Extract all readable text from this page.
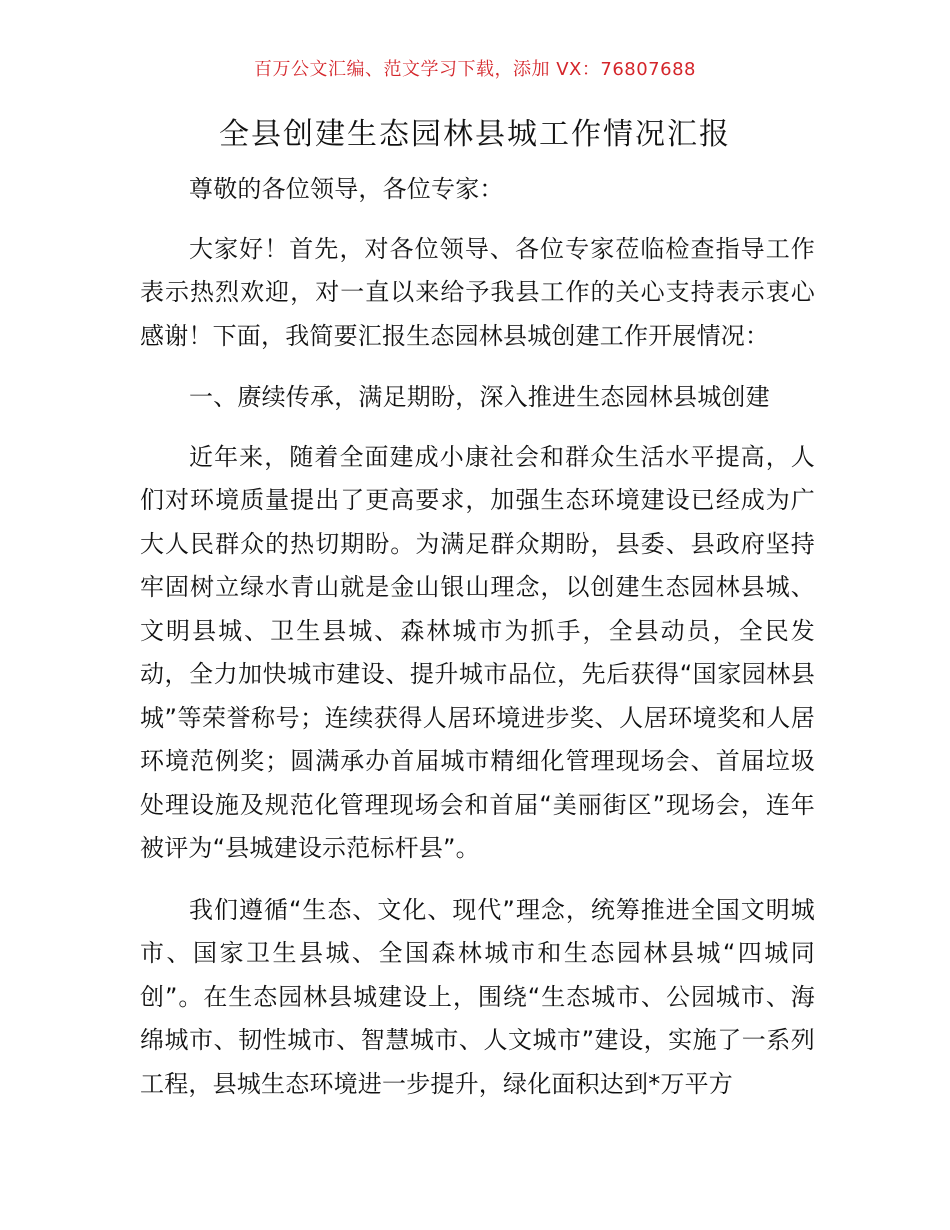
百万公文汇编、范文学习下载，添加 VX：76807688
全县创建生态园林县城工作情况汇报

尊敬的各位领导，各位专家：

大家好！首先，对各位领导、各位专家莅临检查指导工作表示热烈欢迎，对一直以来给予我县工作的关心支持表示衷心感谢！下面，我简要汇报生态园林县城创建工作开展情况：

一、赓续传承，满足期盼，深入推进生态园林县城创建

近年来，随着全面建成小康社会和群众生活水平提高，人们对环境质量提出了更高要求，加强生态环境建设已经成为广大人民群众的热切期盼。为满足群众期盼，县委、县政府坚持牢固树立绿水青山就是金山银山理念，以创建生态园林县城、文明县城、卫生县城、森林城市为抓手，全县动员，全民发动，全力加快城市建设、提升城市品位，先后获得“国家园林县城”等荣誉称号；连续获得人居环境进步奖、人居环境奖和人居环境范例奖；圆满承办首届城市精细化管理现场会、首届垃圾处理设施及规范化管理现场会和首届“美丽街区”现场会，连年被评为“县城建设示范标杆县”。

我们遵循“生态、文化、现代”理念，统筹推进全国文明城市、国家卫生县城、全国森林城市和生态园林县城“四城同创”。在生态园林县城建设上，围绕“生态城市、公园城市、海绵城市、韧性城市、智慧城市、人文城市”建设，实施了一系列工程，县城生态环境进一步提升，绿化面积达到*万平方
